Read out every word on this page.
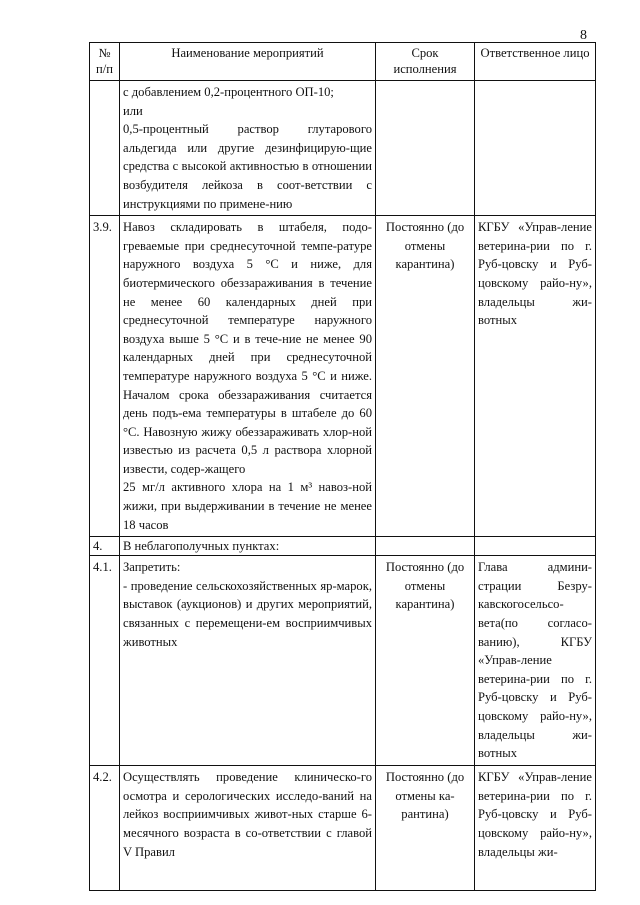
8
№ п/п	Наименование мероприятий	Срок исполнения	Ответственное лицо

	с добавлением 0,2-процентного ОП-10;
или
0,5-процентный раствор глутарового альдегида или другие дезинфицирую-щие средства с высокой активностью в отношении возбудителя лейкоза в соот-ветствии с инструкциями по примене-нию		

3.9.	Навоз складировать в штабеля, подо-греваемые при среднесуточной темпе-ратуре наружного воздуха 5 °С и ниже, для биотермического обеззараживания в течение не менее 60 календарных дней при среднесуточной температуре наружного воздуха выше 5 °С и в тече-ние не менее 90 календарных дней при среднесуточной температуре наружного воздуха 5 °С и ниже. Началом срока обеззараживания считается день подъ-ема температуры в штабеле до 60 °С. Навозную жижу обеззараживать хлор-ной известью из расчета 0,5 л раствора хлорной извести, содер-жащего
25 мг/л активного хлора на 1 м³ навоз-ной жижи, при выдерживании в течение не менее 18 часов	Постоянно (до отмены карантина)	КГБУ «Управ-ление ветерина-рии по г. Руб-цовску и Руб-цовскому райо-ну», владельцы жи-вотных
4.	В неблагополучных пунктах:		

4.1.	Запретить:
- проведение сельскохозяйственных яр-марок, выставок (аукционов) и других мероприятий, связанных с перемещени-ем восприимчивых животных	Постоянно (до отмены карантина)	Глава админи-страции Безру-кавскогосельсо-вета(по согласо-ванию), КГБУ «Управ-ление ветерина-рии по г. Руб-цовску и Руб-цовскому райо-ну», владельцы жи-вотных
4.2.	Осуществлять проведение клиническо-го осмотра и серологических исследо-ваний на лейкоз восприимчивых живот-ных старше 6-месячного возраста в со-ответствии с главой V Правил	Постоянно (до отмены ка-рантина)	КГБУ «Управ-ление ветерина-рии по г. Руб-цовску и Руб-цовскому райо-ну», владельцы жи-
